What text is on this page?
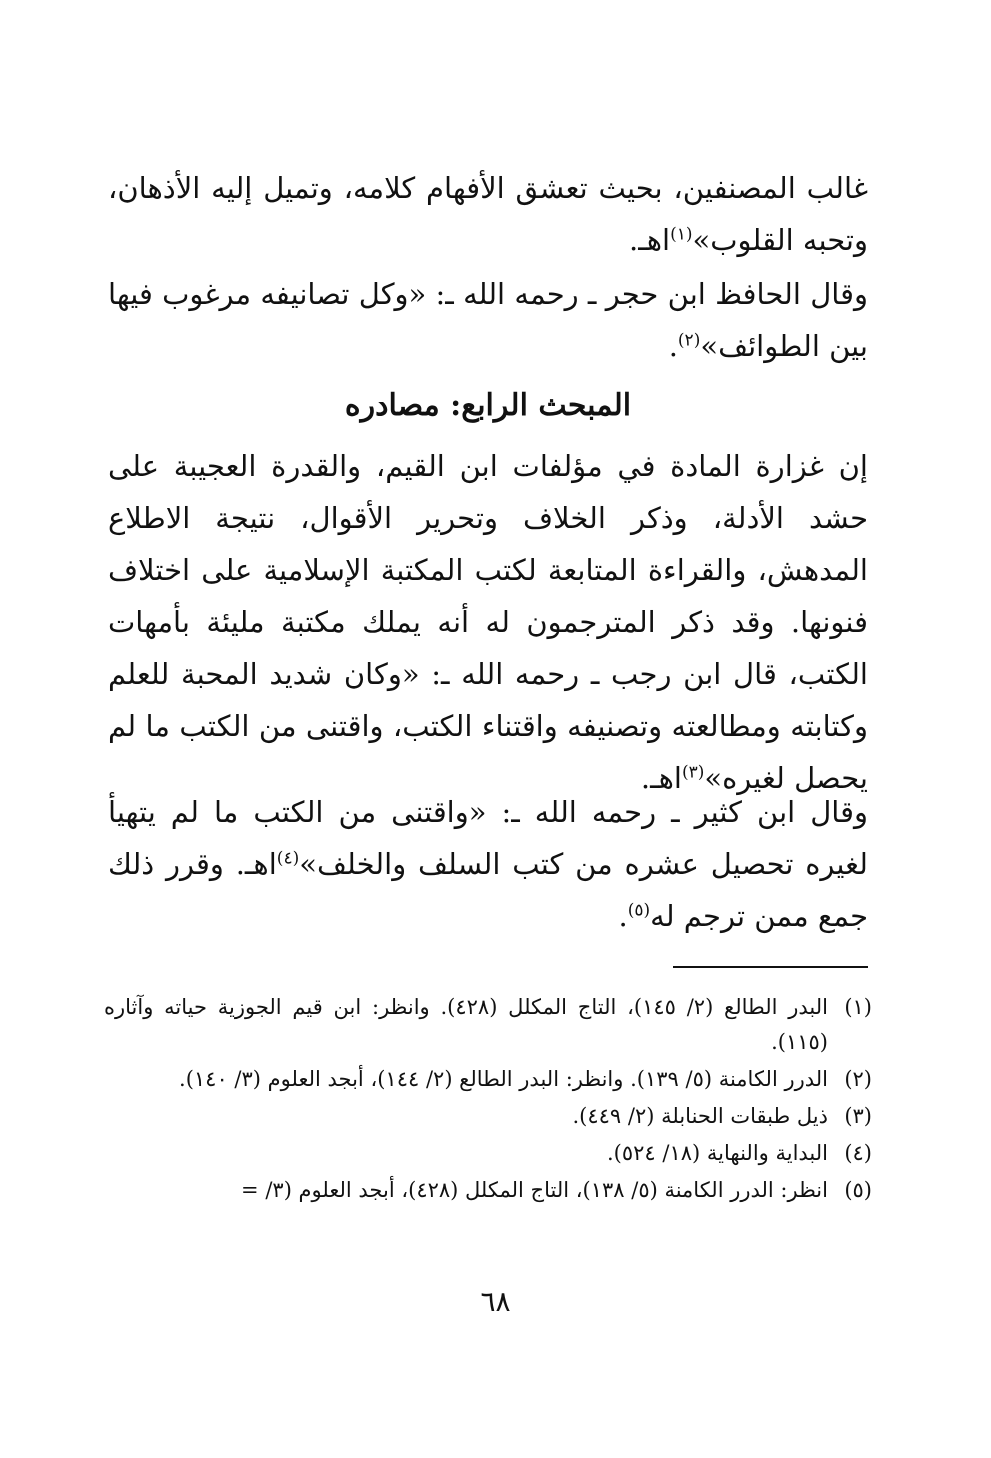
غالب المصنفين، بحيث تعشق الأفهام كلامه، وتميل إليه الأذهان، وتحبه القلوب»$^{(١)}$اهـ.

وقال الحافظ ابن حجر ـ رحمه الله ـ: «وكل تصانيفه مرغوب فيها بين الطوائف»$^{(٢)}$.

المبحث الرابع: مصادره

إن غزارة المادة في مؤلفات ابن القيم، والقدرة العجيبة على حشد الأدلة، وذكر الخلاف وتحرير الأقوال، نتيجة الاطلاع المدهش، والقراءة المتابعة لكتب المكتبة الإسلامية على اختلاف فنونها. وقد ذكر المترجمون له أنه يملك مكتبة مليئة بأمهات الكتب، قال ابن رجب ـ رحمه الله ـ: «وكان شديد المحبة للعلم وكتابته ومطالعته وتصنيفه واقتناء الكتب، واقتنى من الكتب ما لم يحصل لغيره»$^{(٣)}$اهـ.

وقال ابن كثير ـ رحمه الله ـ: «واقتنى من الكتب ما لم يتهيأ لغيره تحصيل عشره من كتب السلف والخلف»$^{(٤)}$اهـ. وقرر ذلك جمع ممن ترجم له$^{(٥)}$.

(١)
البدر الطالع (٢/ ١٤٥)، التاج المكلل (٤٢٨). وانظر: ابن قيم الجوزية حياته وآثاره (١١٥).
(٢)
الدرر الكامنة (٥/ ١٣٩). وانظر: البدر الطالع (٢/ ١٤٤)، أبجد العلوم (٣/ ١٤٠).
(٣)
ذيل طبقات الحنابلة (٢/ ٤٤٩).
(٤)
البداية والنهاية (١٨/ ٥٢٤).
(٥)
انظر: الدرر الكامنة (٥/ ١٣٨)، التاج المكلل (٤٢٨)، أبجد العلوم (٣/ =

٦٨
